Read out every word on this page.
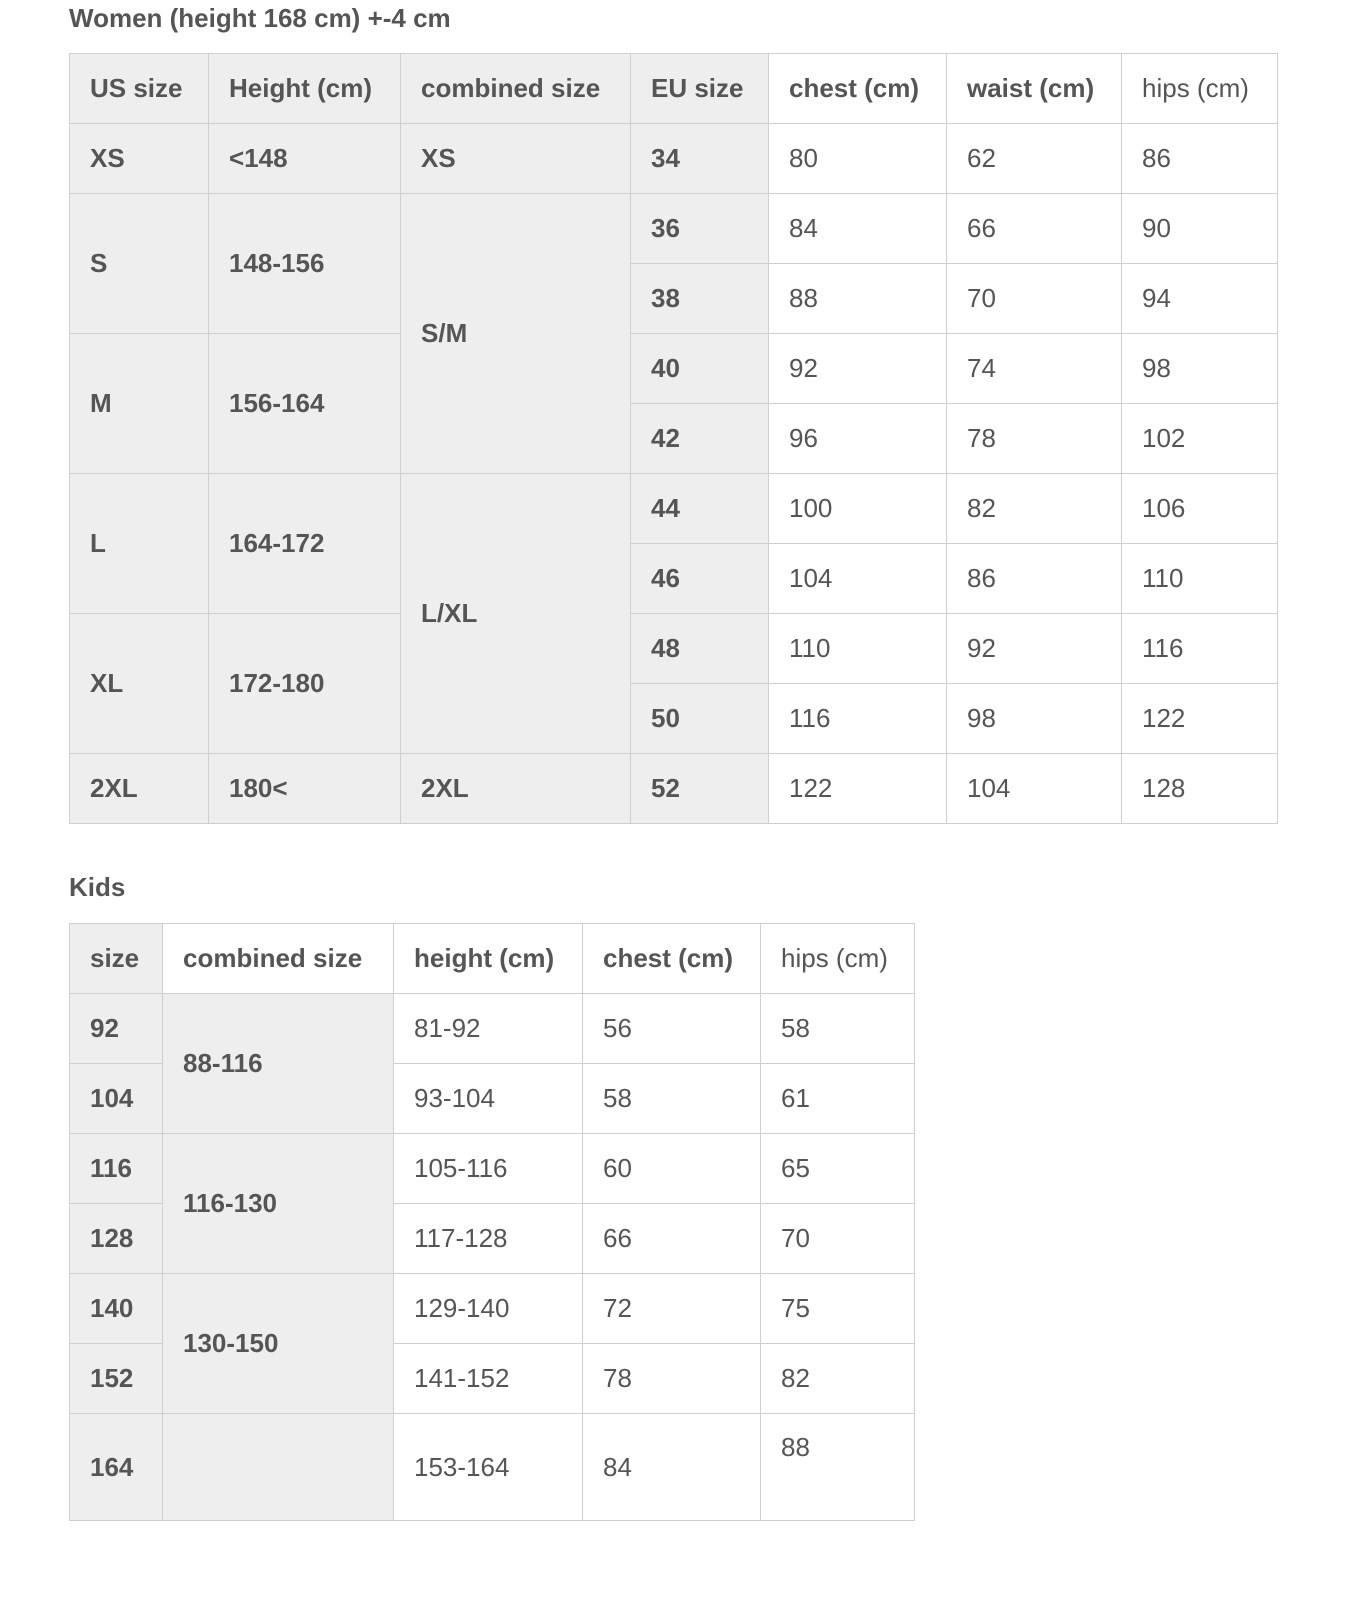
Women (height 168 cm) +-4 cm
US size	Height (cm)	combined size	EU size	chest (cm)	waist (cm)	hips (cm)
XS	<148	XS	34	80	62	86
S	148-156	S/M	36	84	66	90
			38	88	70	94
M	156-164		40	92	74	98
			42	96	78	102
L	164-172	L/XL	44	100	82	106
			46	104	86	110
XL	172-180		48	110	92	116
			50	116	98	122
2XL	180<	2XL	52	122	104	128
Kids
size	combined size	height (cm)	chest (cm)	hips (cm)
92	88-116	81-92	56	58
104		93-104	58	61
116	116-130	105-116	60	65
128		117-128	66	70
140	130-150	129-140	72	75
152		141-152	78	82
164		153-164	84	88
